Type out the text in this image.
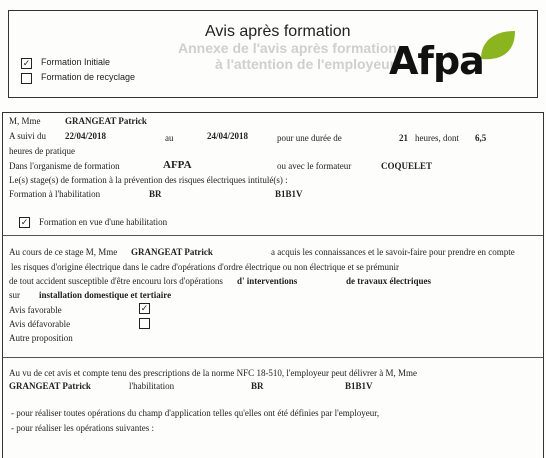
Annexe de l'avis après formation
à l'attention de l'employeur
Avis après formation
✓ Formation Initiale
Formation de recyclage	Afpa
M, Mme	GRANGEAT Patrick
A suivi du 22/04/2018	au	24/04/2018	pour une durée de	21 heures, dont 6,5
heures de pratique
Dans l'organisme de formation	AFPA	ou avec le formateur	COQUELET
Le(s) stage(s) de formation à la prévention des risques électriques intitulé(s) :
Formation à l'habilitation	BR	B1B1V
✓ Formation en vue d'une habilitation
Au cours de ce stage M, Mme GRANGEAT Patrick	a acquis les connaissances et le savoir-faire pour prendre en compte
les risques d'origine électrique dans le cadre d'opérations d'ordre électrique ou non électrique et se prémunir
de tout accident susceptible d'être encouru lors d'opérations d' interventions	de travaux électriques
sur installation domestique et tertiaire
Avis favorable	✓
Avis défavorable
Autre proposition
Au vu de cet avis et compte tenu des prescriptions de la norme NFC 18-510, l'employeur peut délivrer à M, Mme
GRANGEAT Patrick	l'habilitation	BR	B1B1V
- pour réaliser toutes opérations du champ d'application telles qu'elles ont été définies par l'employeur,
- pour réaliser les opérations suivantes :
